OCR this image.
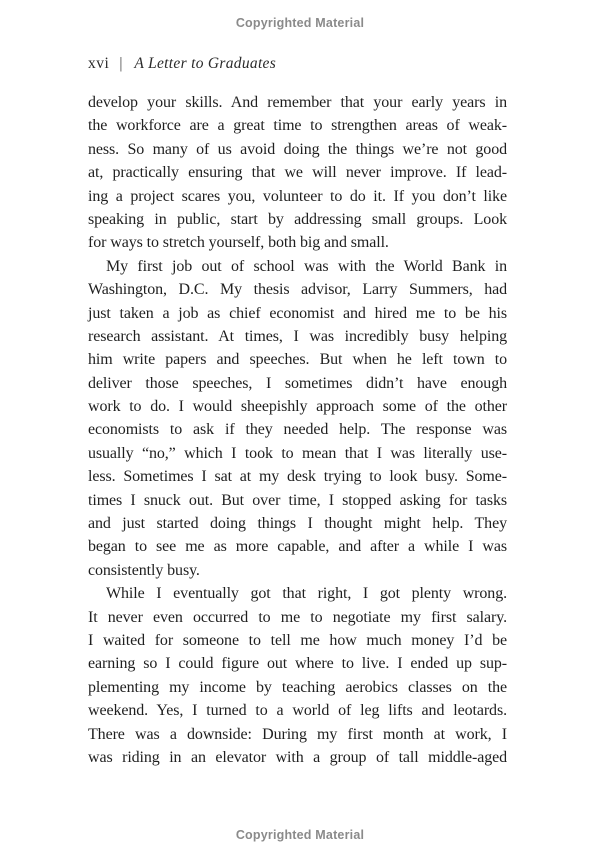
Copyrighted Material
xvi | A Letter to Graduates
develop your skills. And remember that your early years in
the workforce are a great time to strengthen areas of weak-
ness. So many of us avoid doing the things we’re not good
at, practically ensuring that we will never improve. If lead-
ing a project scares you, volunteer to do it. If you don’t like
speaking in public, start by addressing small groups. Look
for ways to stretch yourself, both big and small.
My first job out of school was with the World Bank in
Washington, D.C. My thesis advisor, Larry Summers, had
just taken a job as chief economist and hired me to be his
research assistant. At times, I was incredibly busy helping
him write papers and speeches. But when he left town to
deliver those speeches, I sometimes didn’t have enough
work to do. I would sheepishly approach some of the other
economists to ask if they needed help. The response was
usually “no,” which I took to mean that I was literally use-
less. Sometimes I sat at my desk trying to look busy. Some-
times I snuck out. But over time, I stopped asking for tasks
and just started doing things I thought might help. They
began to see me as more capable, and after a while I was
consistently busy.
While I eventually got that right, I got plenty wrong.
It never even occurred to me to negotiate my first salary.
I waited for someone to tell me how much money I’d be
earning so I could figure out where to live. I ended up sup-
plementing my income by teaching aerobics classes on the
weekend. Yes, I turned to a world of leg lifts and leotards.
There was a downside: During my first month at work, I
was riding in an elevator with a group of tall middle-aged
Copyrighted Material
